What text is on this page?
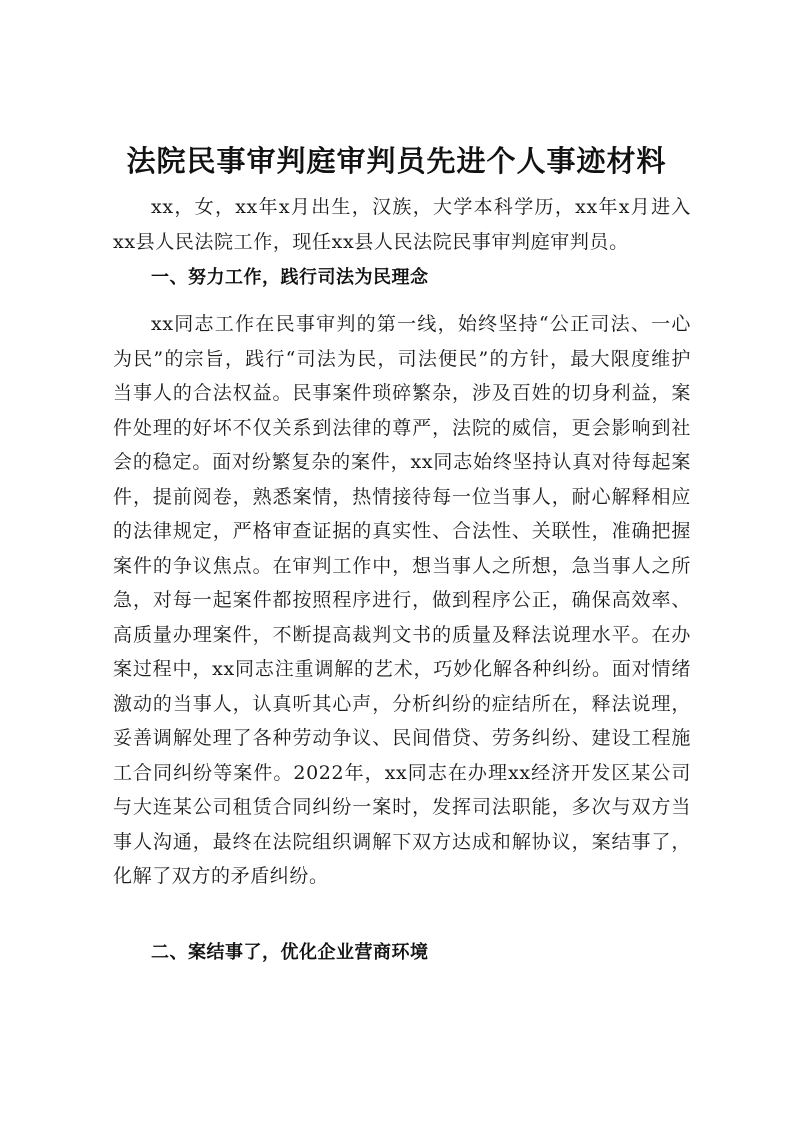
法院民事审判庭审判员先进个人事迹材料

xx，女，xx年x月出生，汉族，大学本科学历，xx年x月进入xx县人民法院工作，现任xx县人民法院民事审判庭审判员。

一、努力工作，践行司法为民理念

xx同志工作在民事审判的第一线，始终坚持“公正司法、一心为民”的宗旨，践行“司法为民，司法便民”的方针，最大限度维护当事人的合法权益。民事案件琐碎繁杂，涉及百姓的切身利益，案件处理的好坏不仅关系到法律的尊严，法院的威信，更会影响到社会的稳定。面对纷繁复杂的案件，xx同志始终坚持认真对待每起案件，提前阅卷，熟悉案情，热情接待每一位当事人，耐心解释相应的法律规定，严格审查证据的真实性、合法性、关联性，准确把握案件的争议焦点。在审判工作中，想当事人之所想，急当事人之所急，对每一起案件都按照程序进行，做到程序公正，确保高效率、高质量办理案件，不断提高裁判文书的质量及释法说理水平。在办案过程中，xx同志注重调解的艺术，巧妙化解各种纠纷。面对情绪激动的当事人，认真听其心声，分析纠纷的症结所在，释法说理，妥善调解处理了各种劳动争议、民间借贷、劳务纠纷、建设工程施工合同纠纷等案件。2022年，xx同志在办理xx经济开发区某公司与大连某公司租赁合同纠纷一案时，发挥司法职能，多次与双方当事人沟通，最终在法院组织调解下双方达成和解协议，案结事了，化解了双方的矛盾纠纷。

二、案结事了，优化企业营商环境
